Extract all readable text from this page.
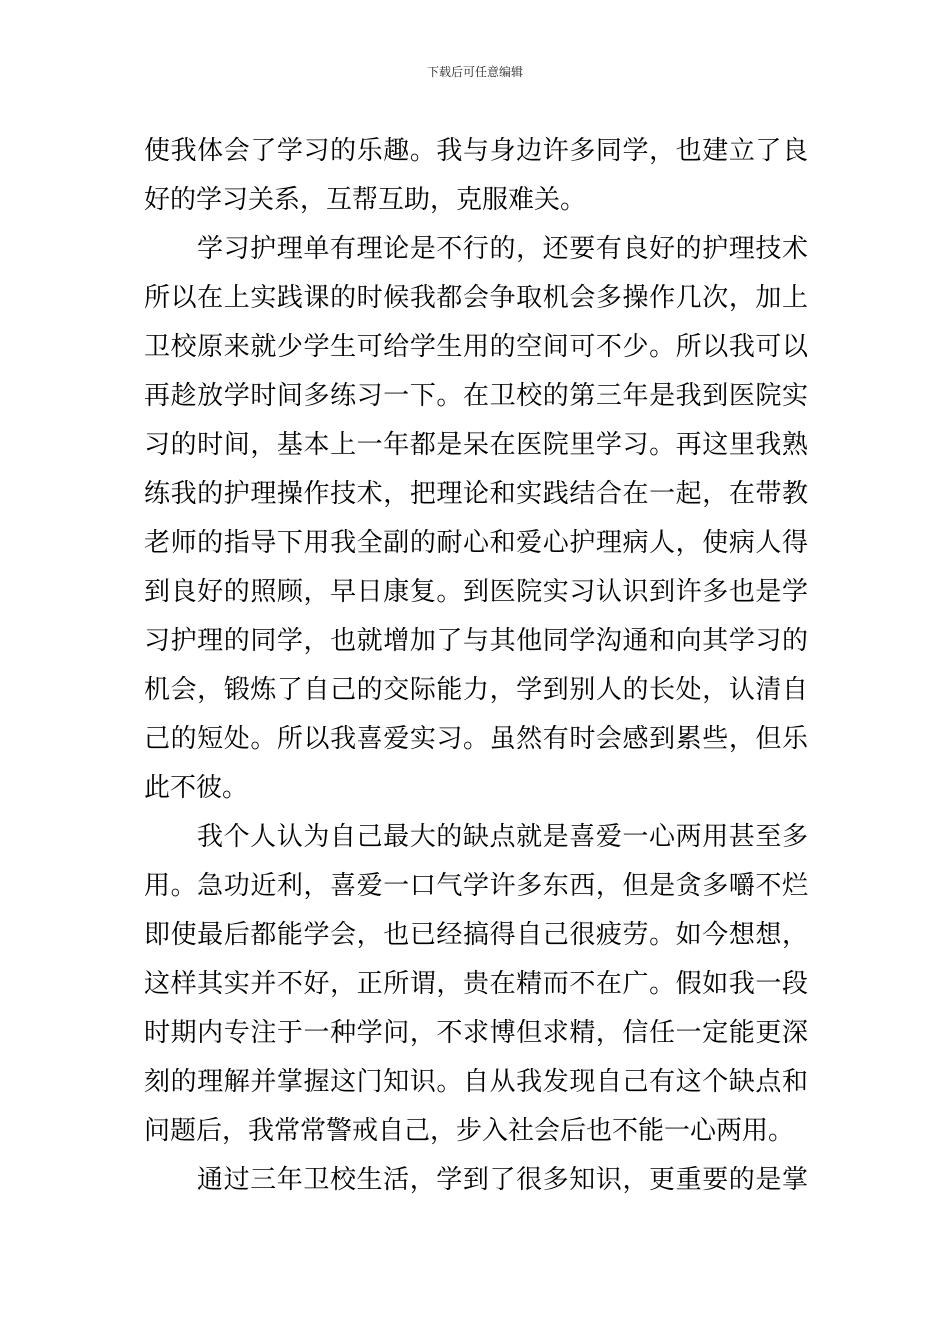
下载后可任意编辑
使我体会了学习的乐趣。我与身边许多同学，也建立了良
好的学习关系，互帮互助，克服难关。
学习护理单有理论是不行的，还要有良好的护理技术
所以在上实践课的时候我都会争取机会多操作几次，加上
卫校原来就少学生可给学生用的空间可不少。所以我可以
再趁放学时间多练习一下。在卫校的第三年是我到医院实
习的时间，基本上一年都是呆在医院里学习。再这里我熟
练我的护理操作技术，把理论和实践结合在一起，在带教
老师的指导下用我全副的耐心和爱心护理病人，使病人得
到良好的照顾，早日康复。到医院实习认识到许多也是学
习护理的同学，也就增加了与其他同学沟通和向其学习的
机会，锻炼了自己的交际能力，学到别人的长处，认清自
己的短处。所以我喜爱实习。虽然有时会感到累些，但乐
此不彼。
我个人认为自己最大的缺点就是喜爱一心两用甚至多
用。急功近利，喜爱一口气学许多东西，但是贪多嚼不烂
即使最后都能学会，也已经搞得自己很疲劳。如今想想，
这样其实并不好，正所谓，贵在精而不在广。假如我一段
时期内专注于一种学问，不求博但求精，信任一定能更深
刻的理解并掌握这门知识。自从我发现自己有这个缺点和
问题后，我常常警戒自己，步入社会后也不能一心两用。
通过三年卫校生活，学到了很多知识，更重要的是掌
